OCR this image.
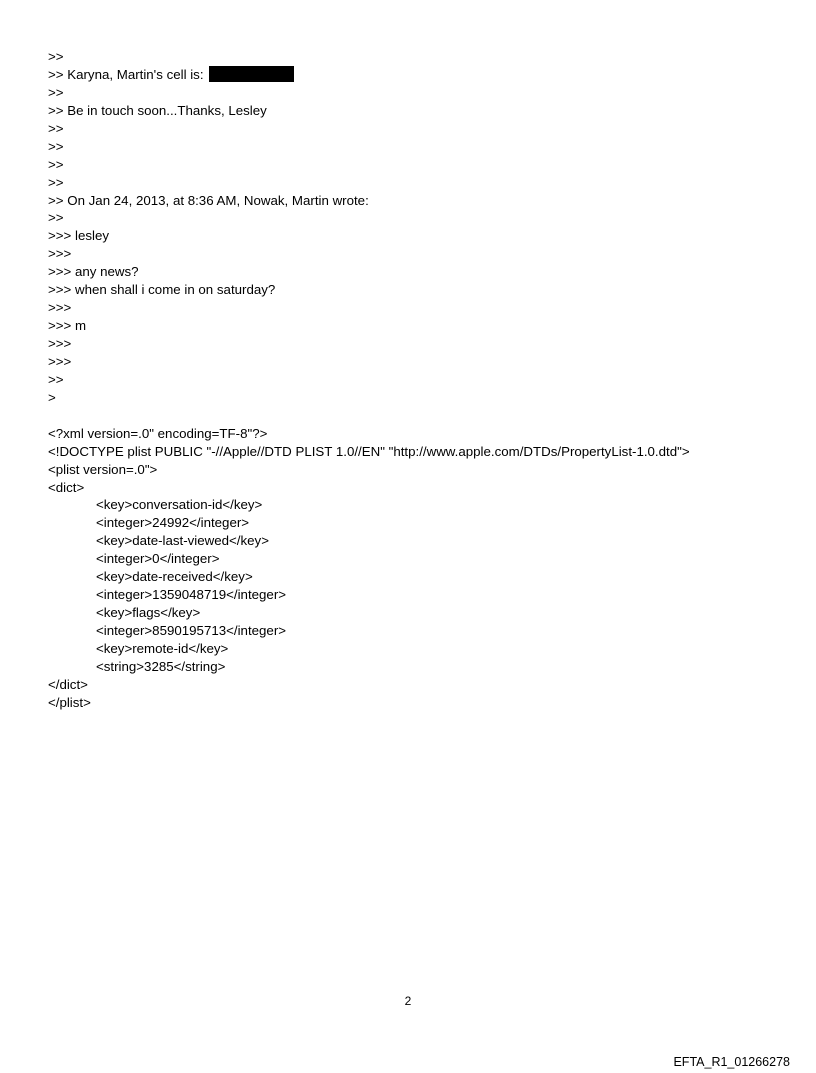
>>
>> Karyna, Martin's cell is:
>>
>> Be in touch soon...Thanks, Lesley
>>
>>
>>
>>
>> On Jan 24, 2013, at 8:36 AM, Nowak, Martin wrote:
>>
>>> lesley
>>>
>>> any news?
>>> when shall i come in on saturday?
>>>
>>> m
>>>
>>>
>>
>
<?xml version=.0" encoding=TF-8"?>
<!DOCTYPE plist PUBLIC "-//Apple//DTD PLIST 1.0//EN" "http://www.apple.com/DTDs/PropertyList-1.0.dtd">
<plist version=.0">
<dict>
<key>conversation-id</key>
<integer>24992</integer>
<key>date-last-viewed</key>
<integer>0</integer>
<key>date-received</key>
<integer>1359048719</integer>
<key>flags</key>
<integer>8590195713</integer>
<key>remote-id</key>
<string>3285</string>
</dict>
</plist>
2
EFTA_R1_01266278
